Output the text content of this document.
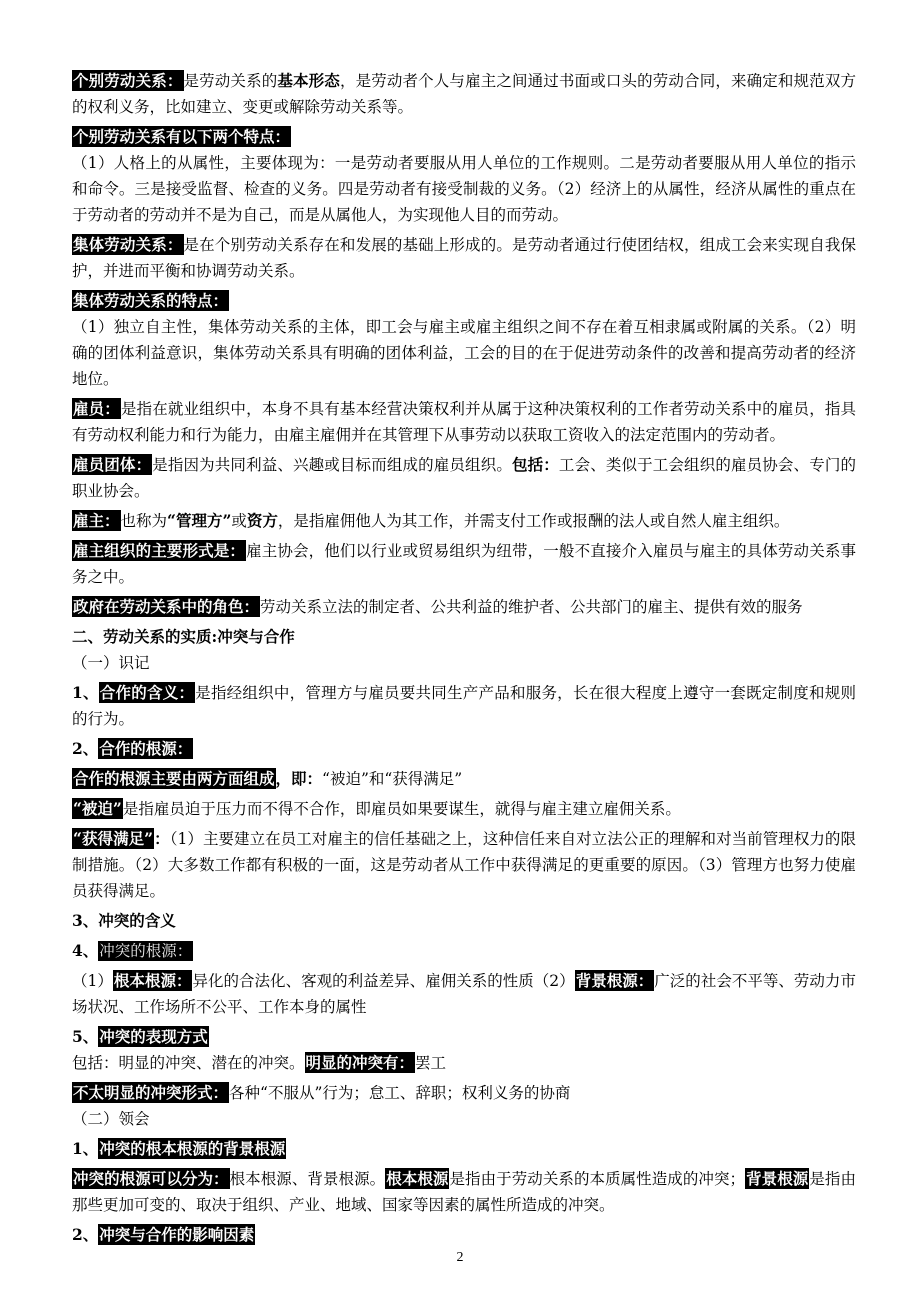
个别劳动关系：是劳动关系的基本形态，是劳动者个人与雇主之间通过书面或口头的劳动合同，来确定和规范双方的权利义务，比如建立、变更或解除劳动关系等。

个别劳动关系有以下两个特点：

（1）人格上的从属性，主要体现为：一是劳动者要服从用人单位的工作规则。二是劳动者要服从用人单位的指示和命令。三是接受监督、检查的义务。四是劳动者有接受制裁的义务。（2）经济上的从属性，经济从属性的重点在于劳动者的劳动并不是为自己，而是从属他人，为实现他人目的而劳动。

集体劳动关系：是在个别劳动关系存在和发展的基础上形成的。是劳动者通过行使团结权，组成工会来实现自我保护，并进而平衡和协调劳动关系。

集体劳动关系的特点：

（1）独立自主性，集体劳动关系的主体，即工会与雇主或雇主组织之间不存在着互相隶属或附属的关系。（2）明确的团体利益意识，集体劳动关系具有明确的团体利益，工会的目的在于促进劳动条件的改善和提高劳动者的经济地位。

雇员：是指在就业组织中，本身不具有基本经营决策权利并从属于这种决策权利的工作者劳动关系中的雇员，指具有劳动权利能力和行为能力，由雇主雇佣并在其管理下从事劳动以获取工资收入的法定范围内的劳动者。

雇员团体：是指因为共同利益、兴趣或目标而组成的雇员组织。包括：工会、类似于工会组织的雇员协会、专门的职业协会。

雇主：也称为“管理方”或资方，是指雇佣他人为其工作，并需支付工作或报酬的法人或自然人雇主组织。

雇主组织的主要形式是：雇主协会，他们以行业或贸易组织为纽带，一般不直接介入雇员与雇主的具体劳动关系事务之中。

政府在劳动关系中的角色：劳动关系立法的制定者、公共利益的维护者、公共部门的雇主、提供有效的服务

二、劳动关系的实质:冲突与合作

（一）识记

1、合作的含义：是指经组织中，管理方与雇员要共同生产产品和服务，长在很大程度上遵守一套既定制度和规则的行为。

2、合作的根源：

合作的根源主要由两方面组成，即：“被迫”和“获得满足”

“被迫”是指雇员迫于压力而不得不合作，即雇员如果要谋生，就得与雇主建立雇佣关系。

“获得满足”：（1）主要建立在员工对雇主的信任基础之上，这种信任来自对立法公正的理解和对当前管理权力的限制措施。（2）大多数工作都有积极的一面，这是劳动者从工作中获得满足的更重要的原因。（3）管理方也努力使雇员获得满足。

3、冲突的含义

4、冲突的根源：

（1）根本根源：异化的合法化、客观的利益差异、雇佣关系的性质（2）背景根源：广泛的社会不平等、劳动力市场状况、工作场所不公平、工作本身的属性

5、冲突的表现方式

包括：明显的冲突、潜在的冲突。明显的冲突有：罢工

不太明显的冲突形式：各种“不服从”行为；怠工、辞职；权利义务的协商

（二）领会

1、冲突的根本根源的背景根源

冲突的根源可以分为：根本根源、背景根源。根本根源是指由于劳动关系的本质属性造成的冲突；背景根源是指由那些更加可变的、取决于组织、产业、地域、国家等因素的属性所造成的冲突。

2、冲突与合作的影响因素

2
